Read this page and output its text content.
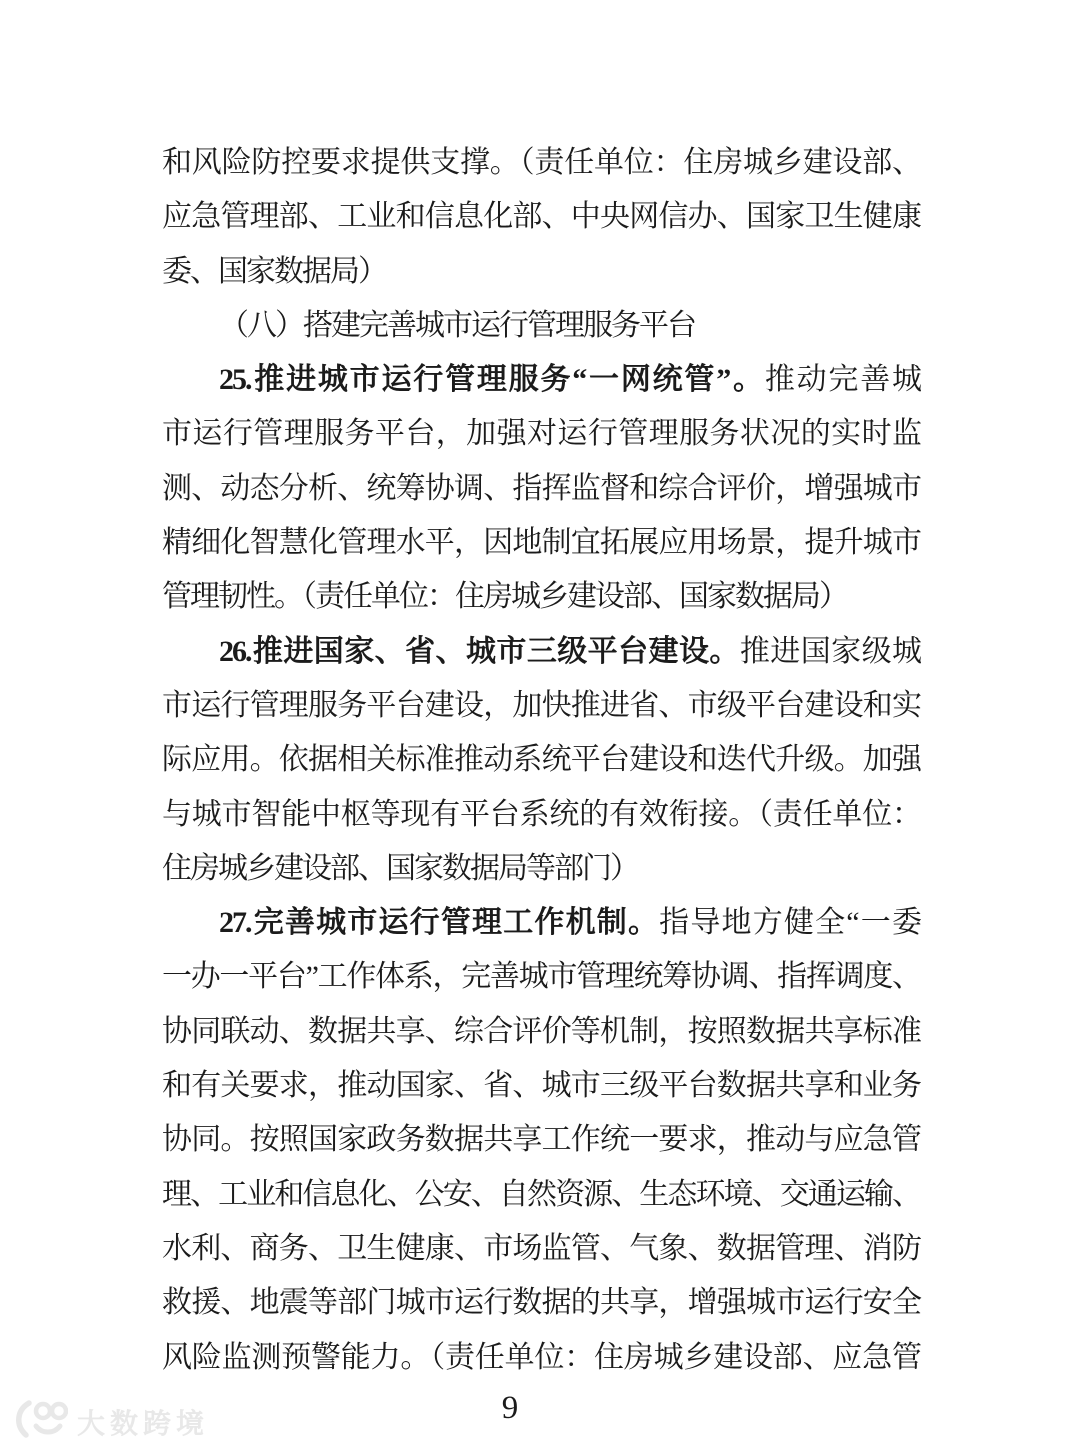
和风险防控要求提供支撑。（责任单位：住房城乡建设部、
应急管理部、工业和信息化部、中央网信办、国家卫生健康
委、国家数据局）
（八）搭建完善城市运行管理服务平台
25.推进城市运行管理服务“一网统管”。推动完善城
市运行管理服务平台，加强对运行管理服务状况的实时监
测、动态分析、统筹协调、指挥监督和综合评价，增强城市
精细化智慧化管理水平，因地制宜拓展应用场景，提升城市
管理韧性。（责任单位：住房城乡建设部、国家数据局）
26.推进国家、省、城市三级平台建设。推进国家级城
市运行管理服务平台建设，加快推进省、市级平台建设和实
际应用。依据相关标准推动系统平台建设和迭代升级。加强
与城市智能中枢等现有平台系统的有效衔接。（责任单位：
住房城乡建设部、国家数据局等部门）
27.完善城市运行管理工作机制。指导地方健全“一委
一办一平台”工作体系，完善城市管理统筹协调、指挥调度、
协同联动、数据共享、综合评价等机制，按照数据共享标准
和有关要求，推动国家、省、城市三级平台数据共享和业务
协同。按照国家政务数据共享工作统一要求，推动与应急管
理、工业和信息化、公安、自然资源、生态环境、交通运输、
水利、商务、卫生健康、市场监管、气象、数据管理、消防
救援、地震等部门城市运行数据的共享，增强城市运行安全
风险监测预警能力。（责任单位：住房城乡建设部、应急管
9
大数跨境
